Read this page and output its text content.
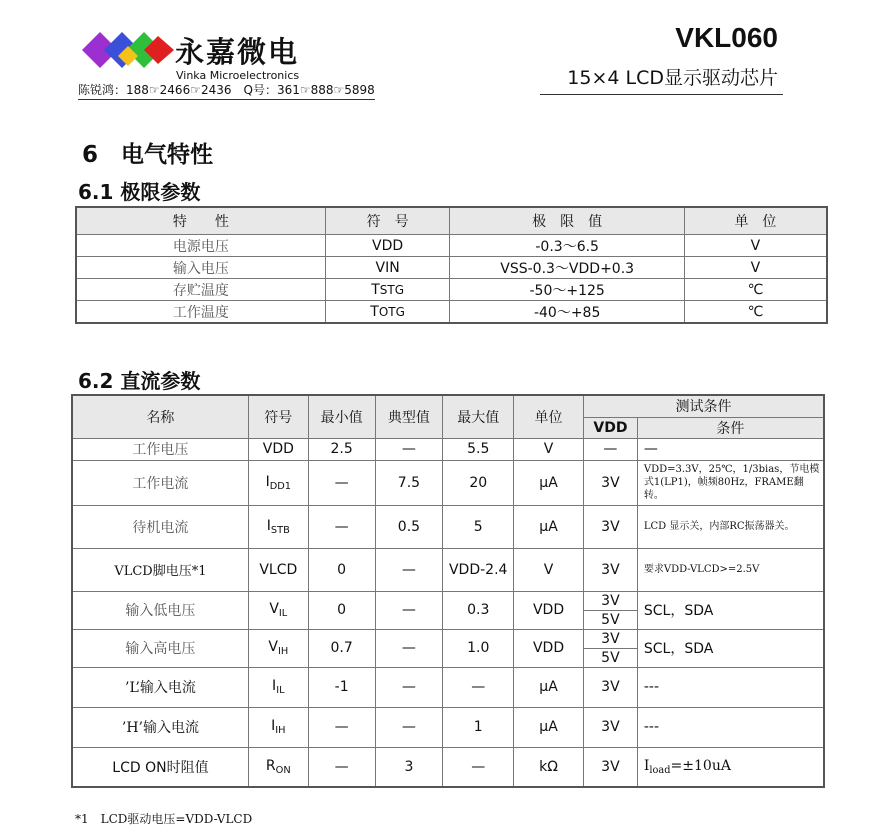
永嘉微电
Vinka Microelectronics
陈锐鸿：188☞2466☞2436　Q号：361☞888☞5898
VKL060
15×4 LCD显示驱动芯片
6　电气特性
6.1 极限参数
特　　性	符　号	极　限　值	单　位
电源电压	VDD	-0.3～6.5	V
输入电压	VIN	VSS-0.3～VDD+0.3	V
存贮温度	TSTG	-50～+125	℃
工作温度	TOTG	-40～+85	℃
6.2 直流参数
名称	符号	最小值	典型值	最大值	单位	测试条件	
						VDD	条件
工作电压	VDD	2.5	—	5.5	V	—	—
工作电流	$I_{DD1}$	—	7.5	20	μA	3V	VDD=3.3V，25℃，1/3bias，节电模式1(LP1)，帧频80Hz，FRAME翻转。
待机电流	$I_{STB}$	—	0.5	5	μA	3V	LCD 显示关，内部RC振荡器关。
VLCD脚电压*1	VLCD	0	—	VDD-2.4	V	3V	要求VDD-VLCD>=2.5V
输入低电压	$V_{IL}$	0	—	0.3	VDD	3V	SCL，SDA
						5V	
输入高电压	$V_{IH}$	0.7	—	1.0	VDD	3V	SCL，SDA
						5V	
’L’输入电流	$I_{IL}$	-1	—	—	μA	3V	---
’H’输入电流	$I_{IH}$	—	—	1	μA	3V	---
LCD ON时阻值	$R_{ON}$	—	3	—	kΩ	3V	$I_{load}=\pm 10uA$
*1　LCD驱动电压=VDD-VLCD
